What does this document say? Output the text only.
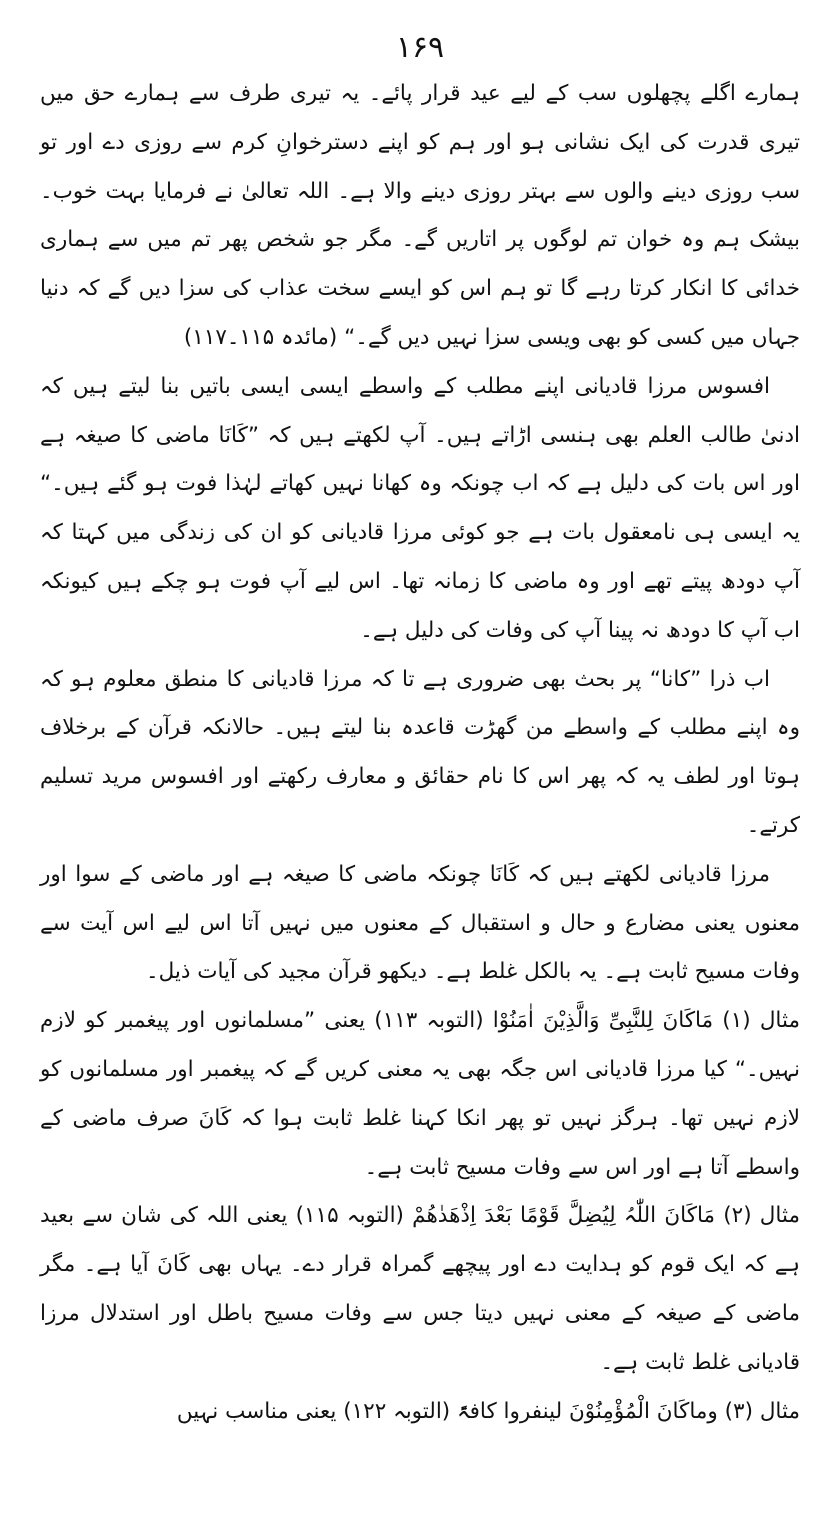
۱۶۹

ہمارے اگلے پچھلوں سب کے لیے عید قرار پائے۔ یہ تیری طرف سے ہمارے حق میں تیری قدرت کی ایک نشانی ہو اور ہم کو اپنے دسترخوانِ کرم سے روزی دے اور تو سب روزی دینے والوں سے بہتر روزی دینے والا ہے۔ اللہ تعالیٰ نے فرمایا بہت خوب۔ بیشک ہم وہ خوان تم لوگوں پر اتاریں گے۔ مگر جو شخص پھر تم میں سے ہماری خدائی کا انکار کرتا رہے گا تو ہم اس کو ایسے سخت عذاب کی سزا دیں گے کہ دنیا جہاں میں کسی کو بھی ویسی سزا نہیں دیں گے۔“ (مائدہ ۱۱۵۔۱۱۷)

افسوس مرزا قادیانی اپنے مطلب کے واسطے ایسی ایسی باتیں بنا لیتے ہیں کہ ادنیٰ طالب العلم بھی ہنسی اڑاتے ہیں۔ آپ لکھتے ہیں کہ ”کَانَا ماضی کا صیغہ ہے اور اس بات کی دلیل ہے کہ اب چونکہ وہ کھانا نہیں کھاتے لہٰذا فوت ہو گئے ہیں۔“ یہ ایسی ہی نامعقول بات ہے جو کوئی مرزا قادیانی کو ان کی زندگی میں کہتا کہ آپ دودھ پیتے تھے اور وہ ماضی کا زمانہ تھا۔ اس لیے آپ فوت ہو چکے ہیں کیونکہ اب آپ کا دودھ نہ پینا آپ کی وفات کی دلیل ہے۔

اب ذرا ”کانا“ پر بحث بھی ضروری ہے تا کہ مرزا قادیانی کا منطق معلوم ہو کہ وہ اپنے مطلب کے واسطے من گھڑت قاعدہ بنا لیتے ہیں۔ حالانکہ قرآن کے برخلاف ہوتا اور لطف یہ کہ پھر اس کا نام حقائق و معارف رکھتے اور افسوس مرید تسلیم کرتے۔

مرزا قادیانی لکھتے ہیں کہ کَانَا چونکہ ماضی کا صیغہ ہے اور ماضی کے سوا اور معنوں یعنی مضارع و حال و استقبال کے معنوں میں نہیں آتا اس لیے اس آیت سے وفات مسیح ثابت ہے۔ یہ بالکل غلط ہے۔ دیکھو قرآن مجید کی آیات ذیل۔

مثال (۱) مَاکَانَ لِلنَّبِیِّ وَالَّذِیْنَ اٰمَنُوْا (التوبہ ۱۱۳) یعنی ”مسلمانوں اور پیغمبر کو لازم نہیں۔“ کیا مرزا قادیانی اس جگہ بھی یہ معنی کریں گے کہ پیغمبر اور مسلمانوں کو لازم نہیں تھا۔ ہرگز نہیں تو پھر انکا کہنا غلط ثابت ہوا کہ کَانَ صرف ماضی کے واسطے آتا ہے اور اس سے وفات مسیح ثابت ہے۔

مثال (۲) مَاکَانَ اللّٰہُ لِیُضِلَّ قَوْمًا بَعْدَ اِذْھَدٰھُمْ (التوبہ ۱۱۵) یعنی اللہ کی شان سے بعید ہے کہ ایک قوم کو ہدایت دے اور پیچھے گمراہ قرار دے۔ یہاں بھی کَانَ آیا ہے۔ مگر ماضی کے صیغہ کے معنی نہیں دیتا جس سے وفات مسیح باطل اور استدلال مرزا قادیانی غلط ثابت ہے۔

مثال (۳) وماکَانَ الْمُؤْمِنُوْنَ لینفروا کافۃً (التوبہ ۱۲۲) یعنی مناسب نہیں
